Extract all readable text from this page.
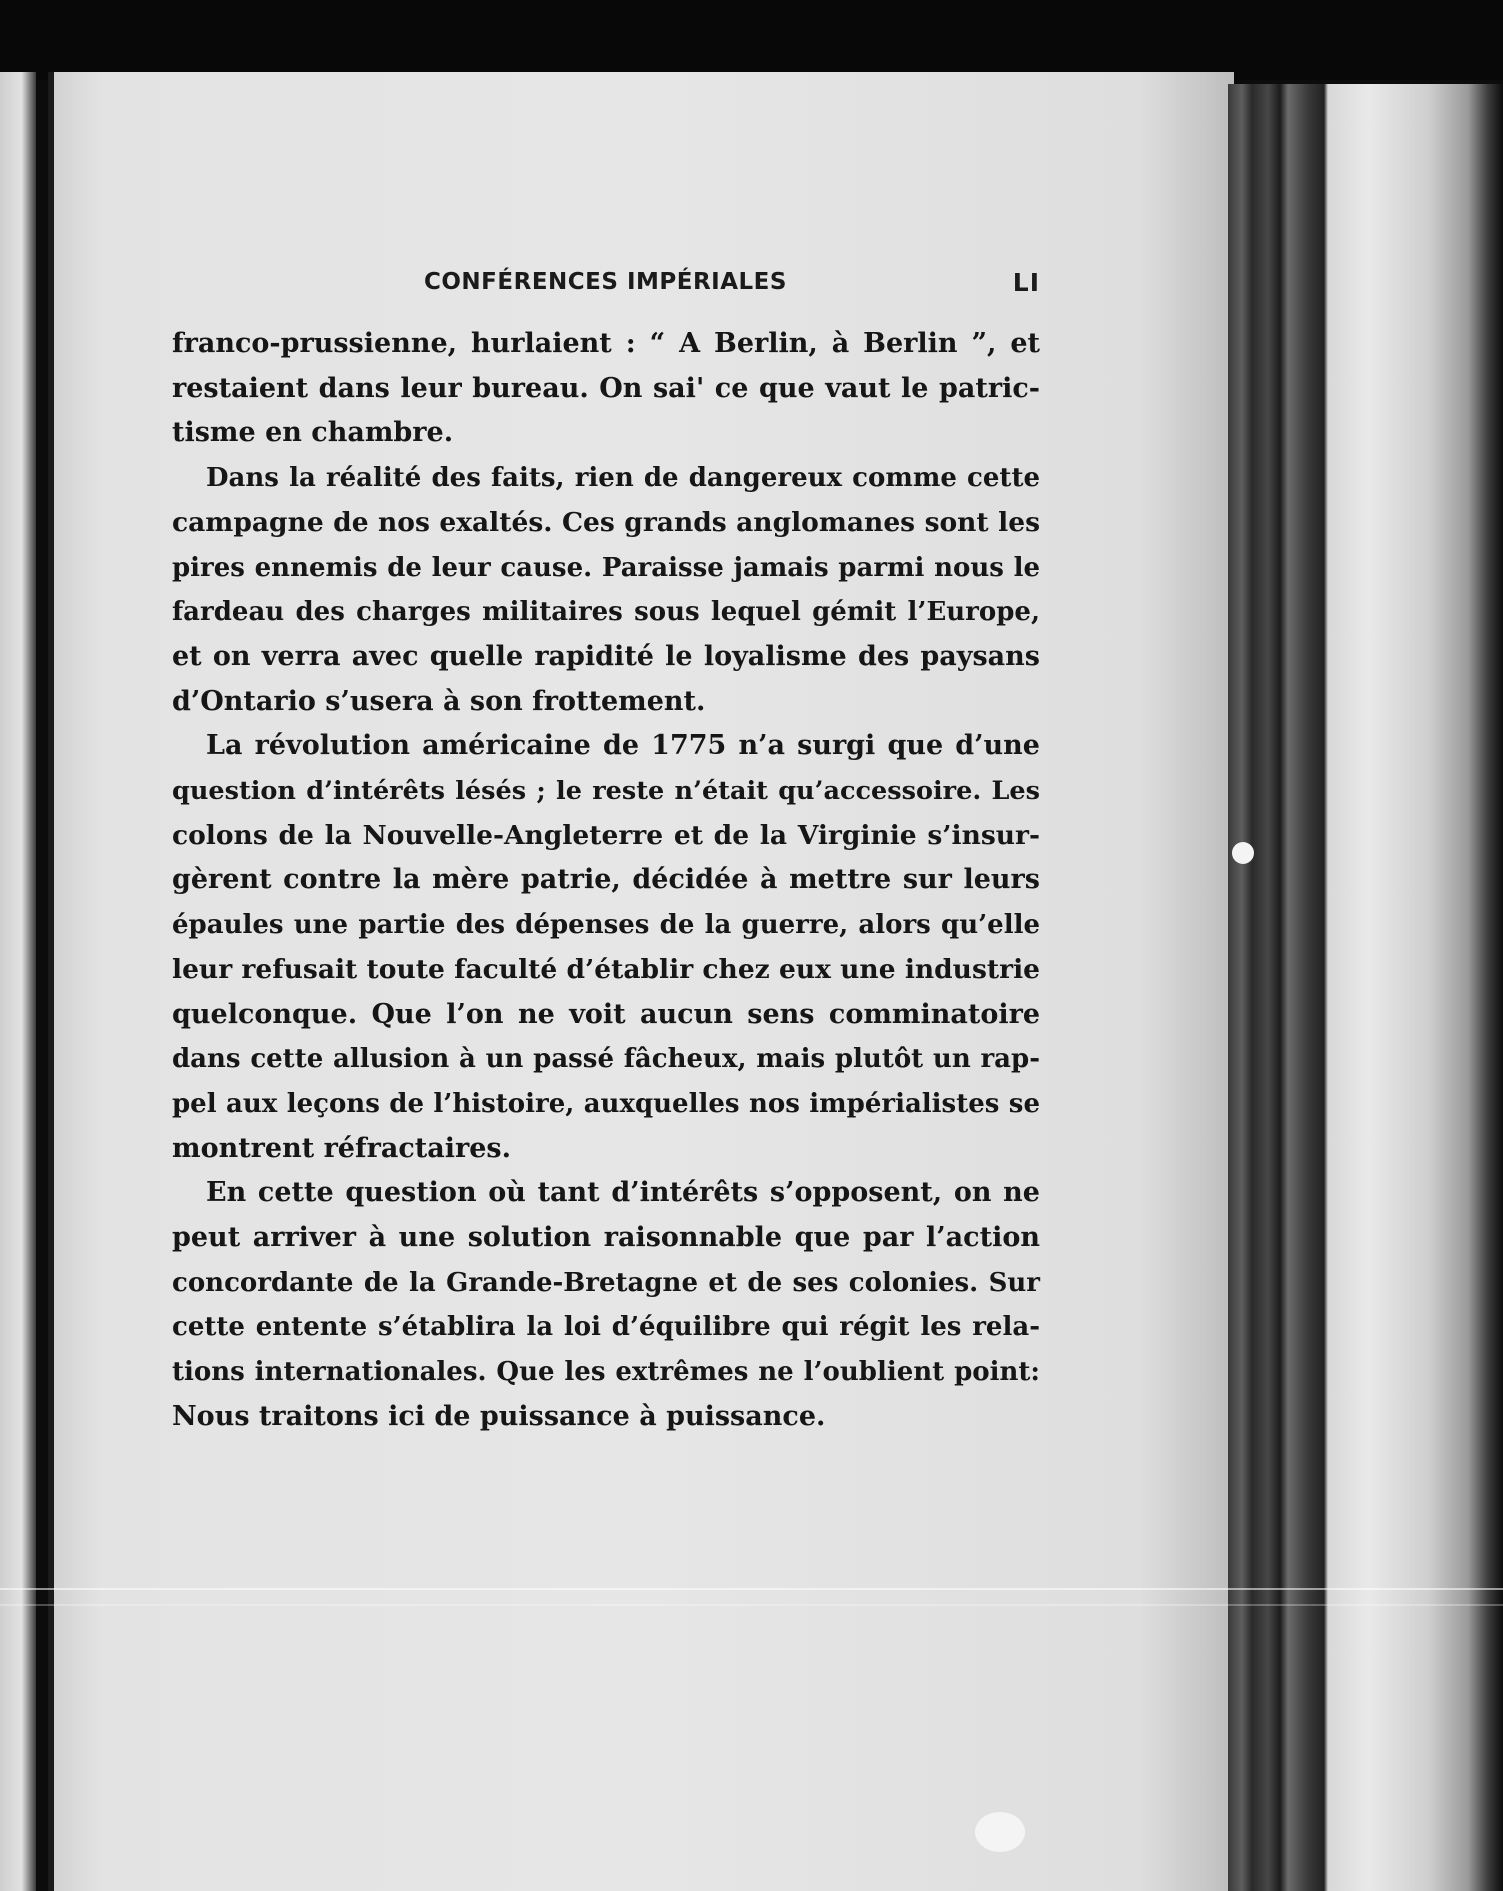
CONFÉRENCES IMPÉRIALES	LI
franco-prussienne, hurlaient : “ A Berlin, à Berlin ”, et
restaient dans leur bureau. On sai' ce que vaut le patric-
tisme en chambre.
Dans la réalité des faits, rien de dangereux comme cette
campagne de nos exaltés. Ces grands anglomanes sont les
pires ennemis de leur cause. Paraisse jamais parmi nous le
fardeau des charges militaires sous lequel gémit l’Europe,
et on verra avec quelle rapidité le loyalisme des paysans
d’Ontario s’usera à son frottement.
La révolution américaine de 1775 n’a surgi que d’une
question d’intérêts lésés ; le reste n’était qu’accessoire. Les
colons de la Nouvelle-Angleterre et de la Virginie s’insur-
gèrent contre la mère patrie, décidée à mettre sur leurs
épaules une partie des dépenses de la guerre, alors qu’elle
leur refusait toute faculté d’établir chez eux une industrie
quelconque. Que l’on ne voit aucun sens comminatoire
dans cette allusion à un passé fâcheux, mais plutôt un rap-
pel aux leçons de l’histoire, auxquelles nos impérialistes se
montrent réfractaires.
En cette question où tant d’intérêts s’opposent, on ne
peut arriver à une solution raisonnable que par l’action
concordante de la Grande-Bretagne et de ses colonies. Sur
cette entente s’établira la loi d’équilibre qui régit les rela-
tions internationales. Que les extrêmes ne l’oublient point:
Nous traitons ici de puissance à puissance.
